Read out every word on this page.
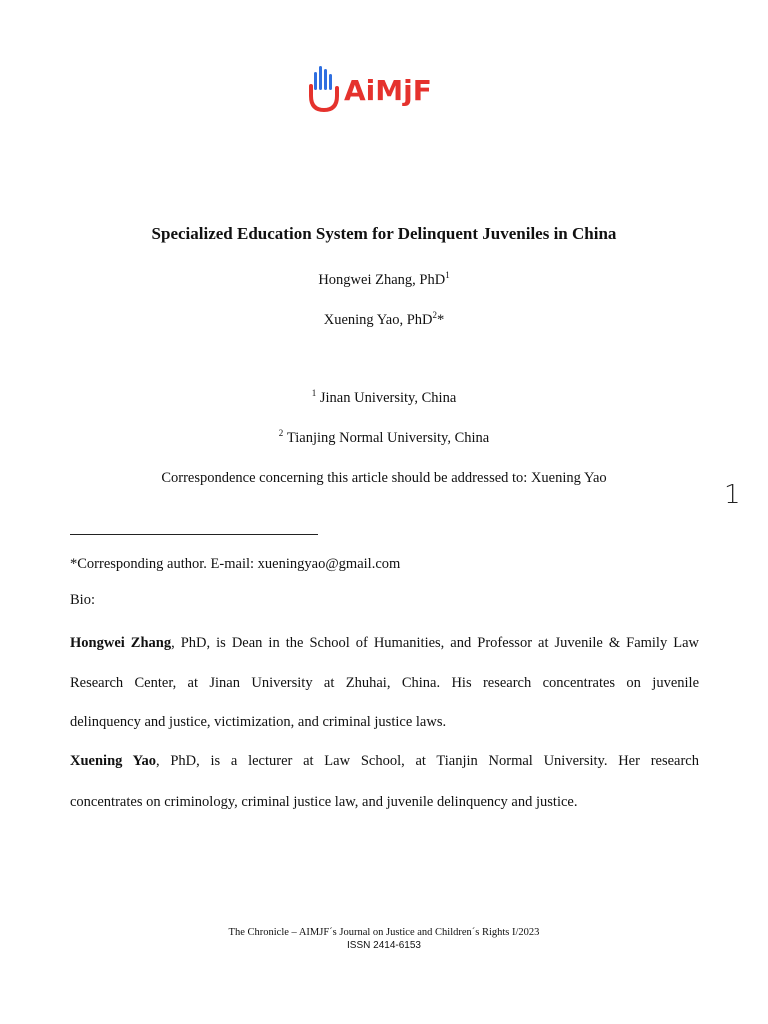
AiMjF
Specialized Education System for Delinquent Juveniles in China
Hongwei Zhang, PhD$^1$
Xuening Yao, PhD$^2$*
$^1$ Jinan University, China
$^2$ Tianjing Normal University, China
Correspondence concerning this article should be addressed to: Xuening Yao
1
*Corresponding author. E-mail: xueningyao@gmail.com
Bio:
Hongwei Zhang, PhD, is Dean in the School of Humanities, and Professor at Juvenile & Family Law
Research Center, at Jinan University at Zhuhai, China. His research concentrates on juvenile
delinquency and justice, victimization, and criminal justice laws.
Xuening Yao, PhD, is a lecturer at Law School, at Tianjin Normal University. Her research
concentrates on criminology, criminal justice law, and juvenile delinquency and justice.
The Chronicle – AIMJF´s Journal on Justice and Children´s Rights I/2023
ISSN 2414-6153
